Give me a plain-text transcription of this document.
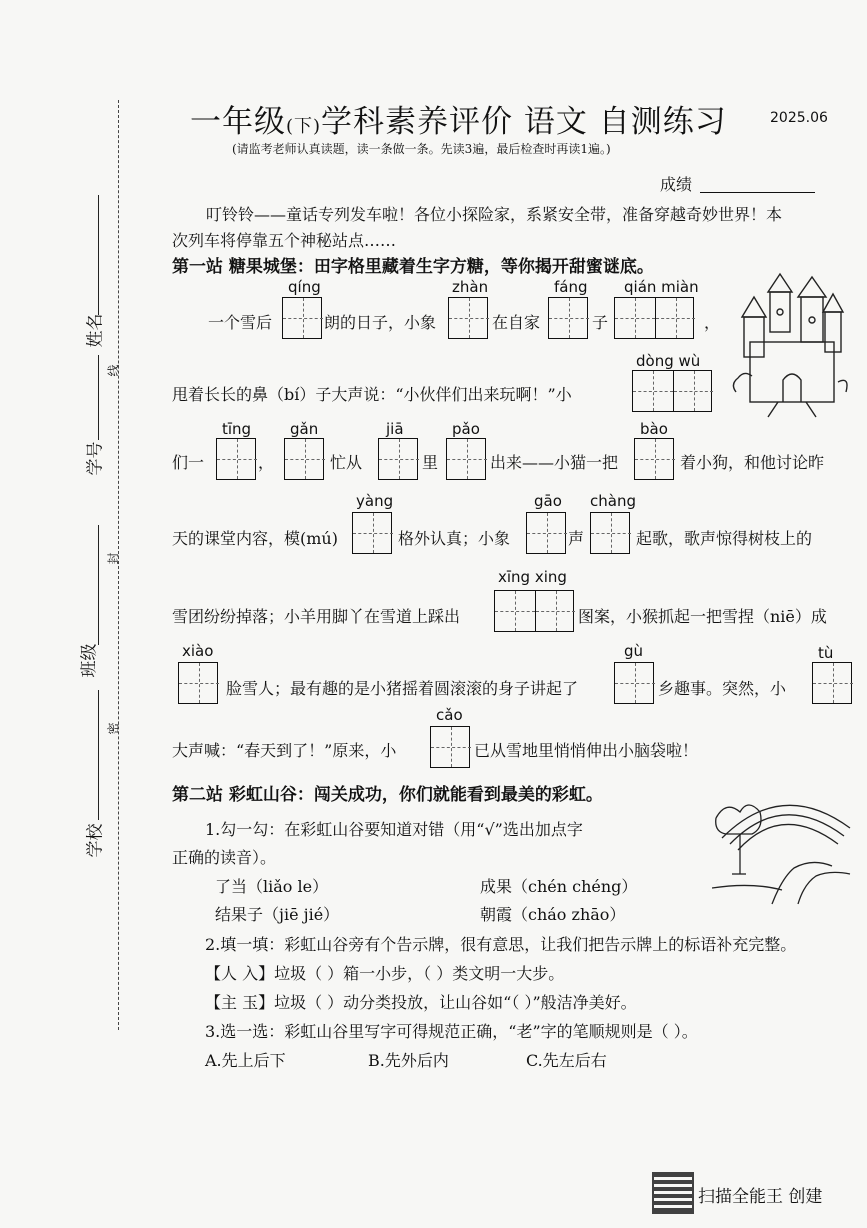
一年级(下)学科素养评价 语文 自测练习	2025.06
(请监考老师认真读题，读一条做一条。先读3遍，最后检查时再读1遍。)
成绩
姓名
线
学号
封
班级
密
学校
叮铃铃——童话专列发车啦！各位小探险家，系紧安全带，准备穿越奇妙世界！本
次列车将停靠五个神秘站点……
第一站 糖果城堡：田字格里藏着生字方糖，等你揭开甜蜜谜底。
一个雪后
qíng
朗的日子，小象
zhàn
在自家
fáng
子
qián miàn
，
甩着长长的鼻（bí）子大声说：“小伙伴们出来玩啊！”小
dòng wù
们一
tīng
，
gǎn
忙从
jiā
里
pǎo
出来——小猫一把
bào
着小狗，和他讨论昨
天的课堂内容，模(mú)
yàng
格外认真；小象
gāo
声
chàng
起歌，歌声惊得树枝上的
雪团纷纷掉落；小羊用脚丫在雪道上踩出
xīng xing
图案，小猴抓起一把雪捏（niē）成
xiào
脸雪人；最有趣的是小猪摇着圆滚滚的身子讲起了
gù
乡趣事。突然，小
tù
大声喊：“春天到了！”原来，小
cǎo
已从雪地里悄悄伸出小脑袋啦！
第二站 彩虹山谷：闯关成功，你们就能看到最美的彩虹。
1.勾一勾：在彩虹山谷要知道对错（用“√”选出加点字
正确的读音）。
了当（liǎo le）	成果（chén chéng）
结果子（jiē jié）	朝霞（cháo zhāo）
2.填一填：彩虹山谷旁有个告示牌，很有意思，让我们把告示牌上的标语补充完整。
【人 入】垃圾（ ）箱一小步，（ ）类文明一大步。
【主 玉】垃圾（ ）动分类投放，让山谷如“（ ）”般洁净美好。
3.选一选：彩虹山谷里写字可得规范正确，“老”字的笔顺规则是（ ）。
A.先上后下	B.先外后内	C.先左后右
扫描全能王 创建
